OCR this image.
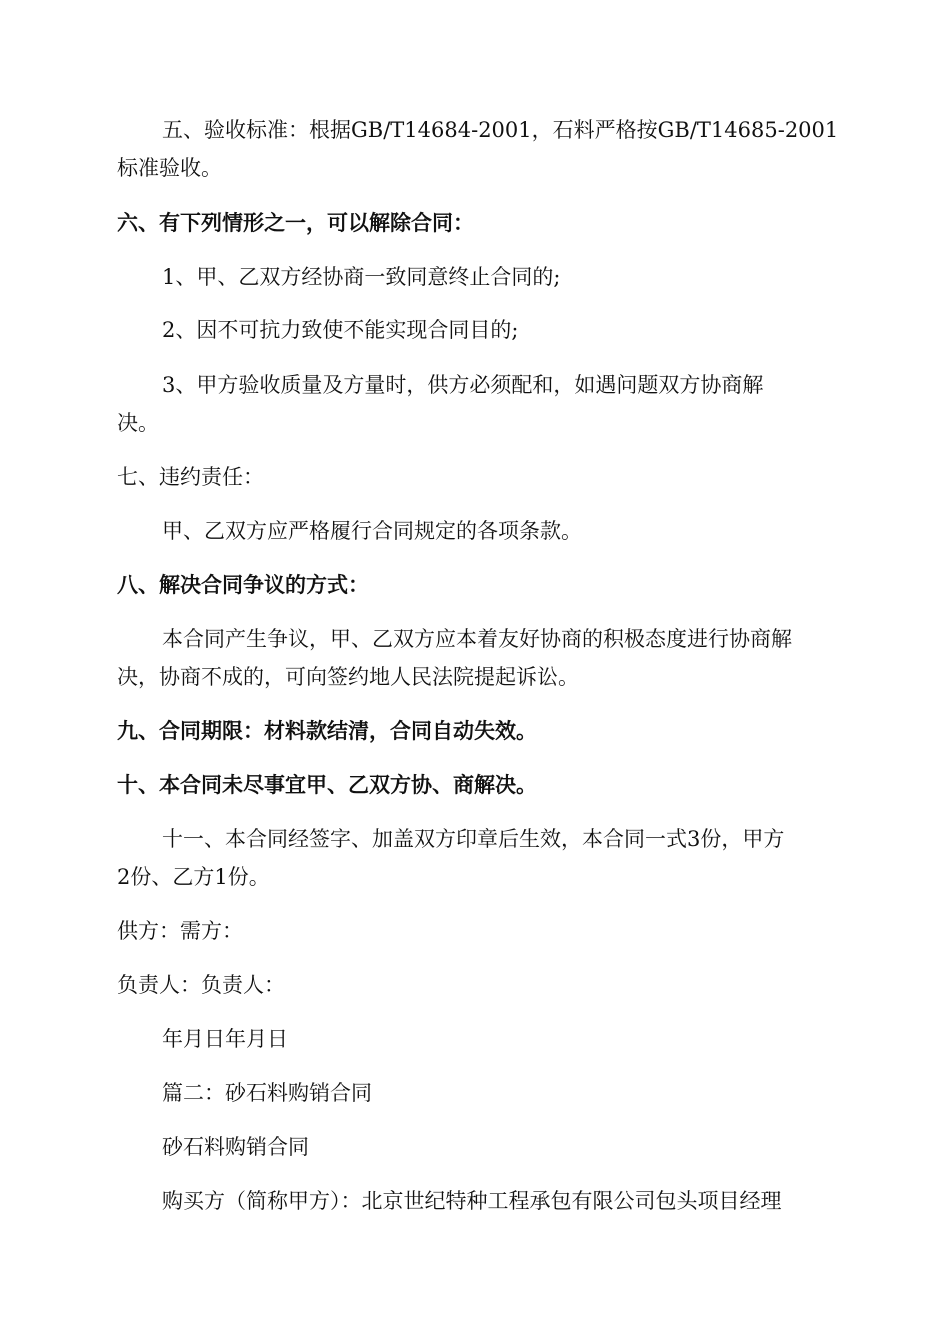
五、验收标准：根据GB/T14684-2001，石料严格按GB/T14685-2001
标准验收。
六、有下列情形之一，可以解除合同：
1、甲、乙双方经协商一致同意终止合同的;
2、因不可抗力致使不能实现合同目的;
3、甲方验收质量及方量时，供方必须配和，如遇问题双方协商解
决。
七、违约责任：
甲、乙双方应严格履行合同规定的各项条款。
八、解决合同争议的方式：
本合同产生争议，甲、乙双方应本着友好协商的积极态度进行协商解
决，协商不成的，可向签约地人民法院提起诉讼。
九、合同期限：材料款结清，合同自动失效。
十、本合同未尽事宜甲、乙双方协、商解决。
十一、本合同经签字、加盖双方印章后生效，本合同一式3份，甲方
2份、乙方1份。
供方：需方：
负责人：负责人：
年月日年月日
篇二：砂石料购销合同
砂石料购销合同
购买方（简称甲方）：北京世纪特种工程承包有限公司包头项目经理
